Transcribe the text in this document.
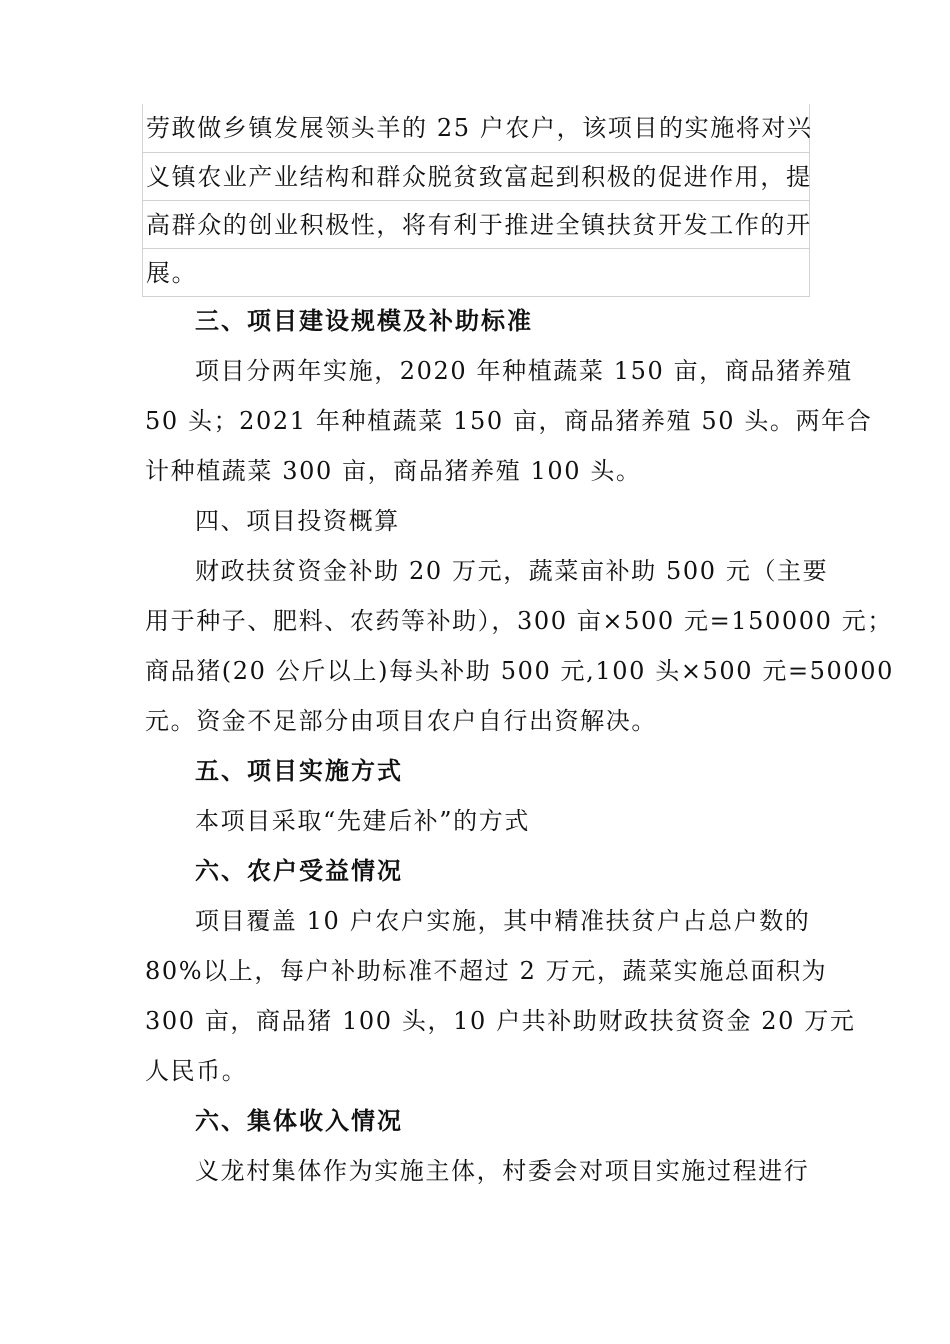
劳敢做乡镇发展领头羊的 25 户农户，该项目的实施将对兴
义镇农业产业结构和群众脱贫致富起到积极的促进作用，提
高群众的创业积极性，将有利于推进全镇扶贫开发工作的开
展。
三、项目建设规模及补助标准
项目分两年实施，2020 年种植蔬菜 150 亩，商品猪养殖
50 头；2021 年种植蔬菜 150 亩，商品猪养殖 50 头。两年合
计种植蔬菜 300 亩，商品猪养殖 100 头。
四、项目投资概算
财政扶贫资金补助 20 万元，蔬菜亩补助 500 元（主要
用于种子、肥料、农药等补助），300 亩×500 元=150000 元；
商品猪(20 公斤以上)每头补助 500 元,100 头×500 元=50000
元。资金不足部分由项目农户自行出资解决。
五、项目实施方式
本项目采取“先建后补”的方式
六、农户受益情况
项目覆盖 10 户农户实施，其中精准扶贫户占总户数的
80%以上，每户补助标准不超过 2 万元，蔬菜实施总面积为
300 亩，商品猪 100 头，10 户共补助财政扶贫资金 20 万元
人民币。
六、集体收入情况
义龙村集体作为实施主体，村委会对项目实施过程进行
